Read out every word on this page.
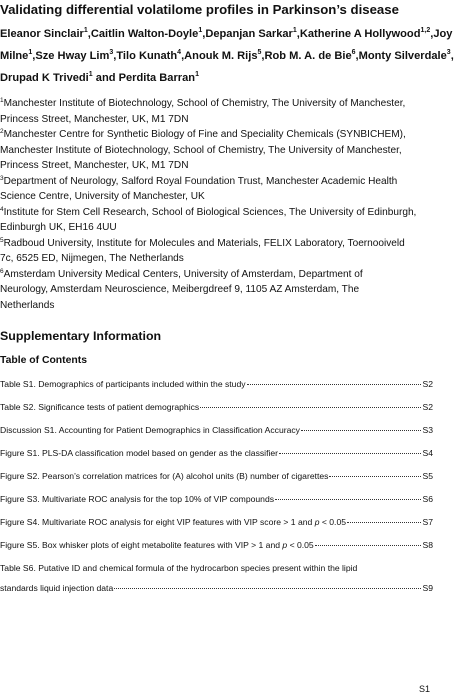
Validating differential volatilome profiles in Parkinson’s disease
Eleanor Sinclair$^1$, Caitlin Walton-Doyle$^1$, Depanjan Sarkar$^1$, Katherine A Hollywood$^{1,2}$, Joy
Milne$^1$, Sze Hway Lim$^3$, Tilo Kunath$^4$, Anouk M. Rijs$^5$, Rob M. A. de Bie$^6$, Monty Silverdale$^3$,
Drupad K Trivedi$^1$ and Perdita Barran$^1$
$^1$Manchester Institute of Biotechnology, School of Chemistry, The University of Manchester,
Princess Street, Manchester, UK, M1 7DN
$^2$Manchester Centre for Synthetic Biology of Fine and Speciality Chemicals (SYNBICHEM),
Manchester Institute of Biotechnology, School of Chemistry, The University of Manchester,
Princess Street, Manchester, UK, M1 7DN
$^3$Department of Neurology, Salford Royal Foundation Trust, Manchester Academic Health
Science Centre, University of Manchester, UK
$^4$Institute for Stem Cell Research, School of Biological Sciences, The University of Edinburgh,
Edinburgh UK, EH16 4UU
$^5$Radboud University, Institute for Molecules and Materials, FELIX Laboratory, Toernooiveld
7c, 6525 ED, Nijmegen, The Netherlands
$^6$Amsterdam University Medical Centers, University of Amsterdam, Department of
Neurology, Amsterdam Neuroscience, Meibergdreef 9, 1105 AZ Amsterdam, The
Netherlands
Supplementary Information
Table of Contents
Table S1. Demographics of participants included within the study	S2
Table S2. Significance tests of patient demographics	S2
Discussion S1. Accounting for Patient Demographics in Classification Accuracy	S3
Figure S1. PLS-DA classification model based on gender as the classifier	S4
Figure S2. Pearson’s correlation matrices for (A) alcohol units (B) number of cigarettes	S5
Figure S3. Multivariate ROC analysis for the top 10% of VIP compounds	S6
Figure S4. Multivariate ROC analysis for eight VIP features with VIP score > 1 and p < 0.05	S7
Figure S5. Box whisker plots of eight metabolite features with VIP > 1 and p < 0.05	S8
Table S6. Putative ID and chemical formula of the hydrocarbon species present within the lipid
standards liquid injection data	S9
S1
